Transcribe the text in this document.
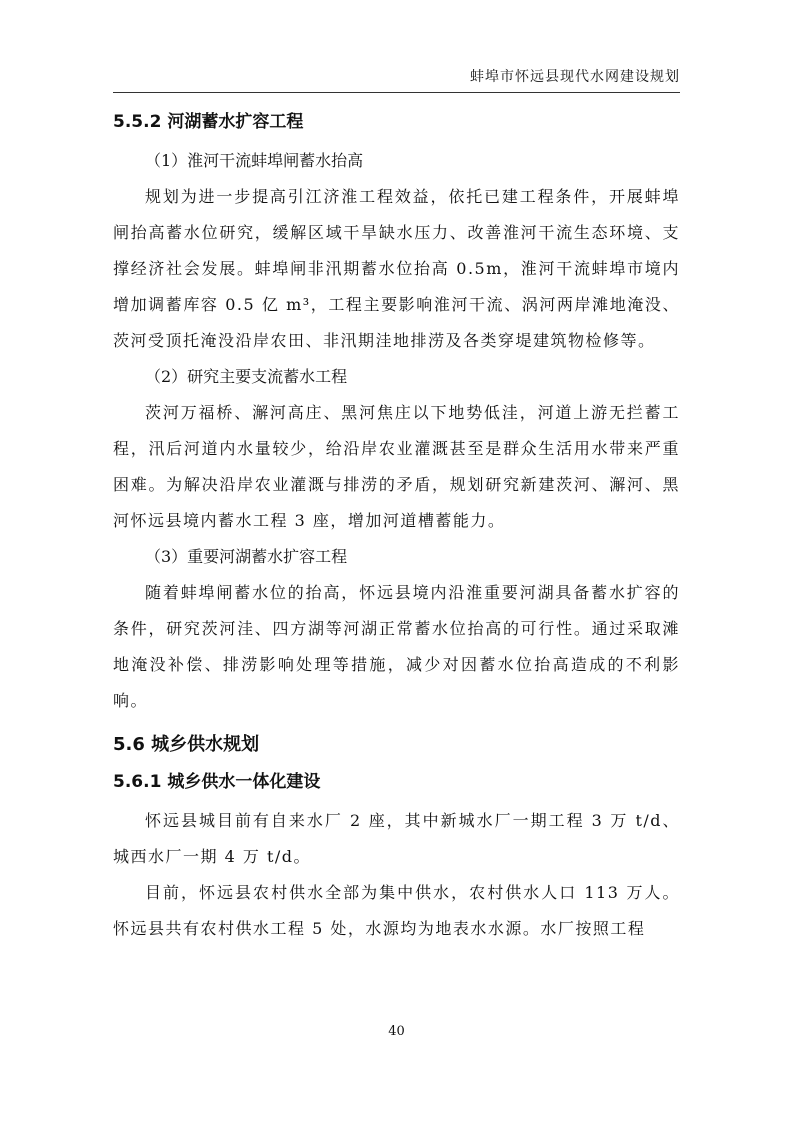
蚌埠市怀远县现代水网建设规划

5.5.2 河湖蓄水扩容工程

（1）淮河干流蚌埠闸蓄水抬高

规划为进一步提高引江济淮工程效益，依托已建工程条件，开展蚌埠闸抬高蓄水位研究，缓解区域干旱缺水压力、改善淮河干流生态环境、支撑经济社会发展。蚌埠闸非汛期蓄水位抬高 0.5m，淮河干流蚌埠市境内增加调蓄库容 0.5 亿 m³，工程主要影响淮河干流、涡河两岸滩地淹没、茨河受顶托淹没沿岸农田、非汛期洼地排涝及各类穿堤建筑物检修等。

（2）研究主要支流蓄水工程

茨河万福桥、澥河高庄、黑河焦庄以下地势低洼，河道上游无拦蓄工程，汛后河道内水量较少，给沿岸农业灌溉甚至是群众生活用水带来严重困难。为解决沿岸农业灌溉与排涝的矛盾，规划研究新建茨河、澥河、黑河怀远县境内蓄水工程 3 座，增加河道槽蓄能力。

（3）重要河湖蓄水扩容工程

随着蚌埠闸蓄水位的抬高，怀远县境内沿淮重要河湖具备蓄水扩容的条件，研究茨河洼、四方湖等河湖正常蓄水位抬高的可行性。通过采取滩地淹没补偿、排涝影响处理等措施，减少对因蓄水位抬高造成的不利影响。

5.6 城乡供水规划

5.6.1 城乡供水一体化建设

怀远县城目前有自来水厂 2 座，其中新城水厂一期工程 3 万 t/d、城西水厂一期 4 万 t/d。

目前，怀远县农村供水全部为集中供水，农村供水人口 113 万人。怀远县共有农村供水工程 5 处，水源均为地表水水源。水厂按照工程

40
